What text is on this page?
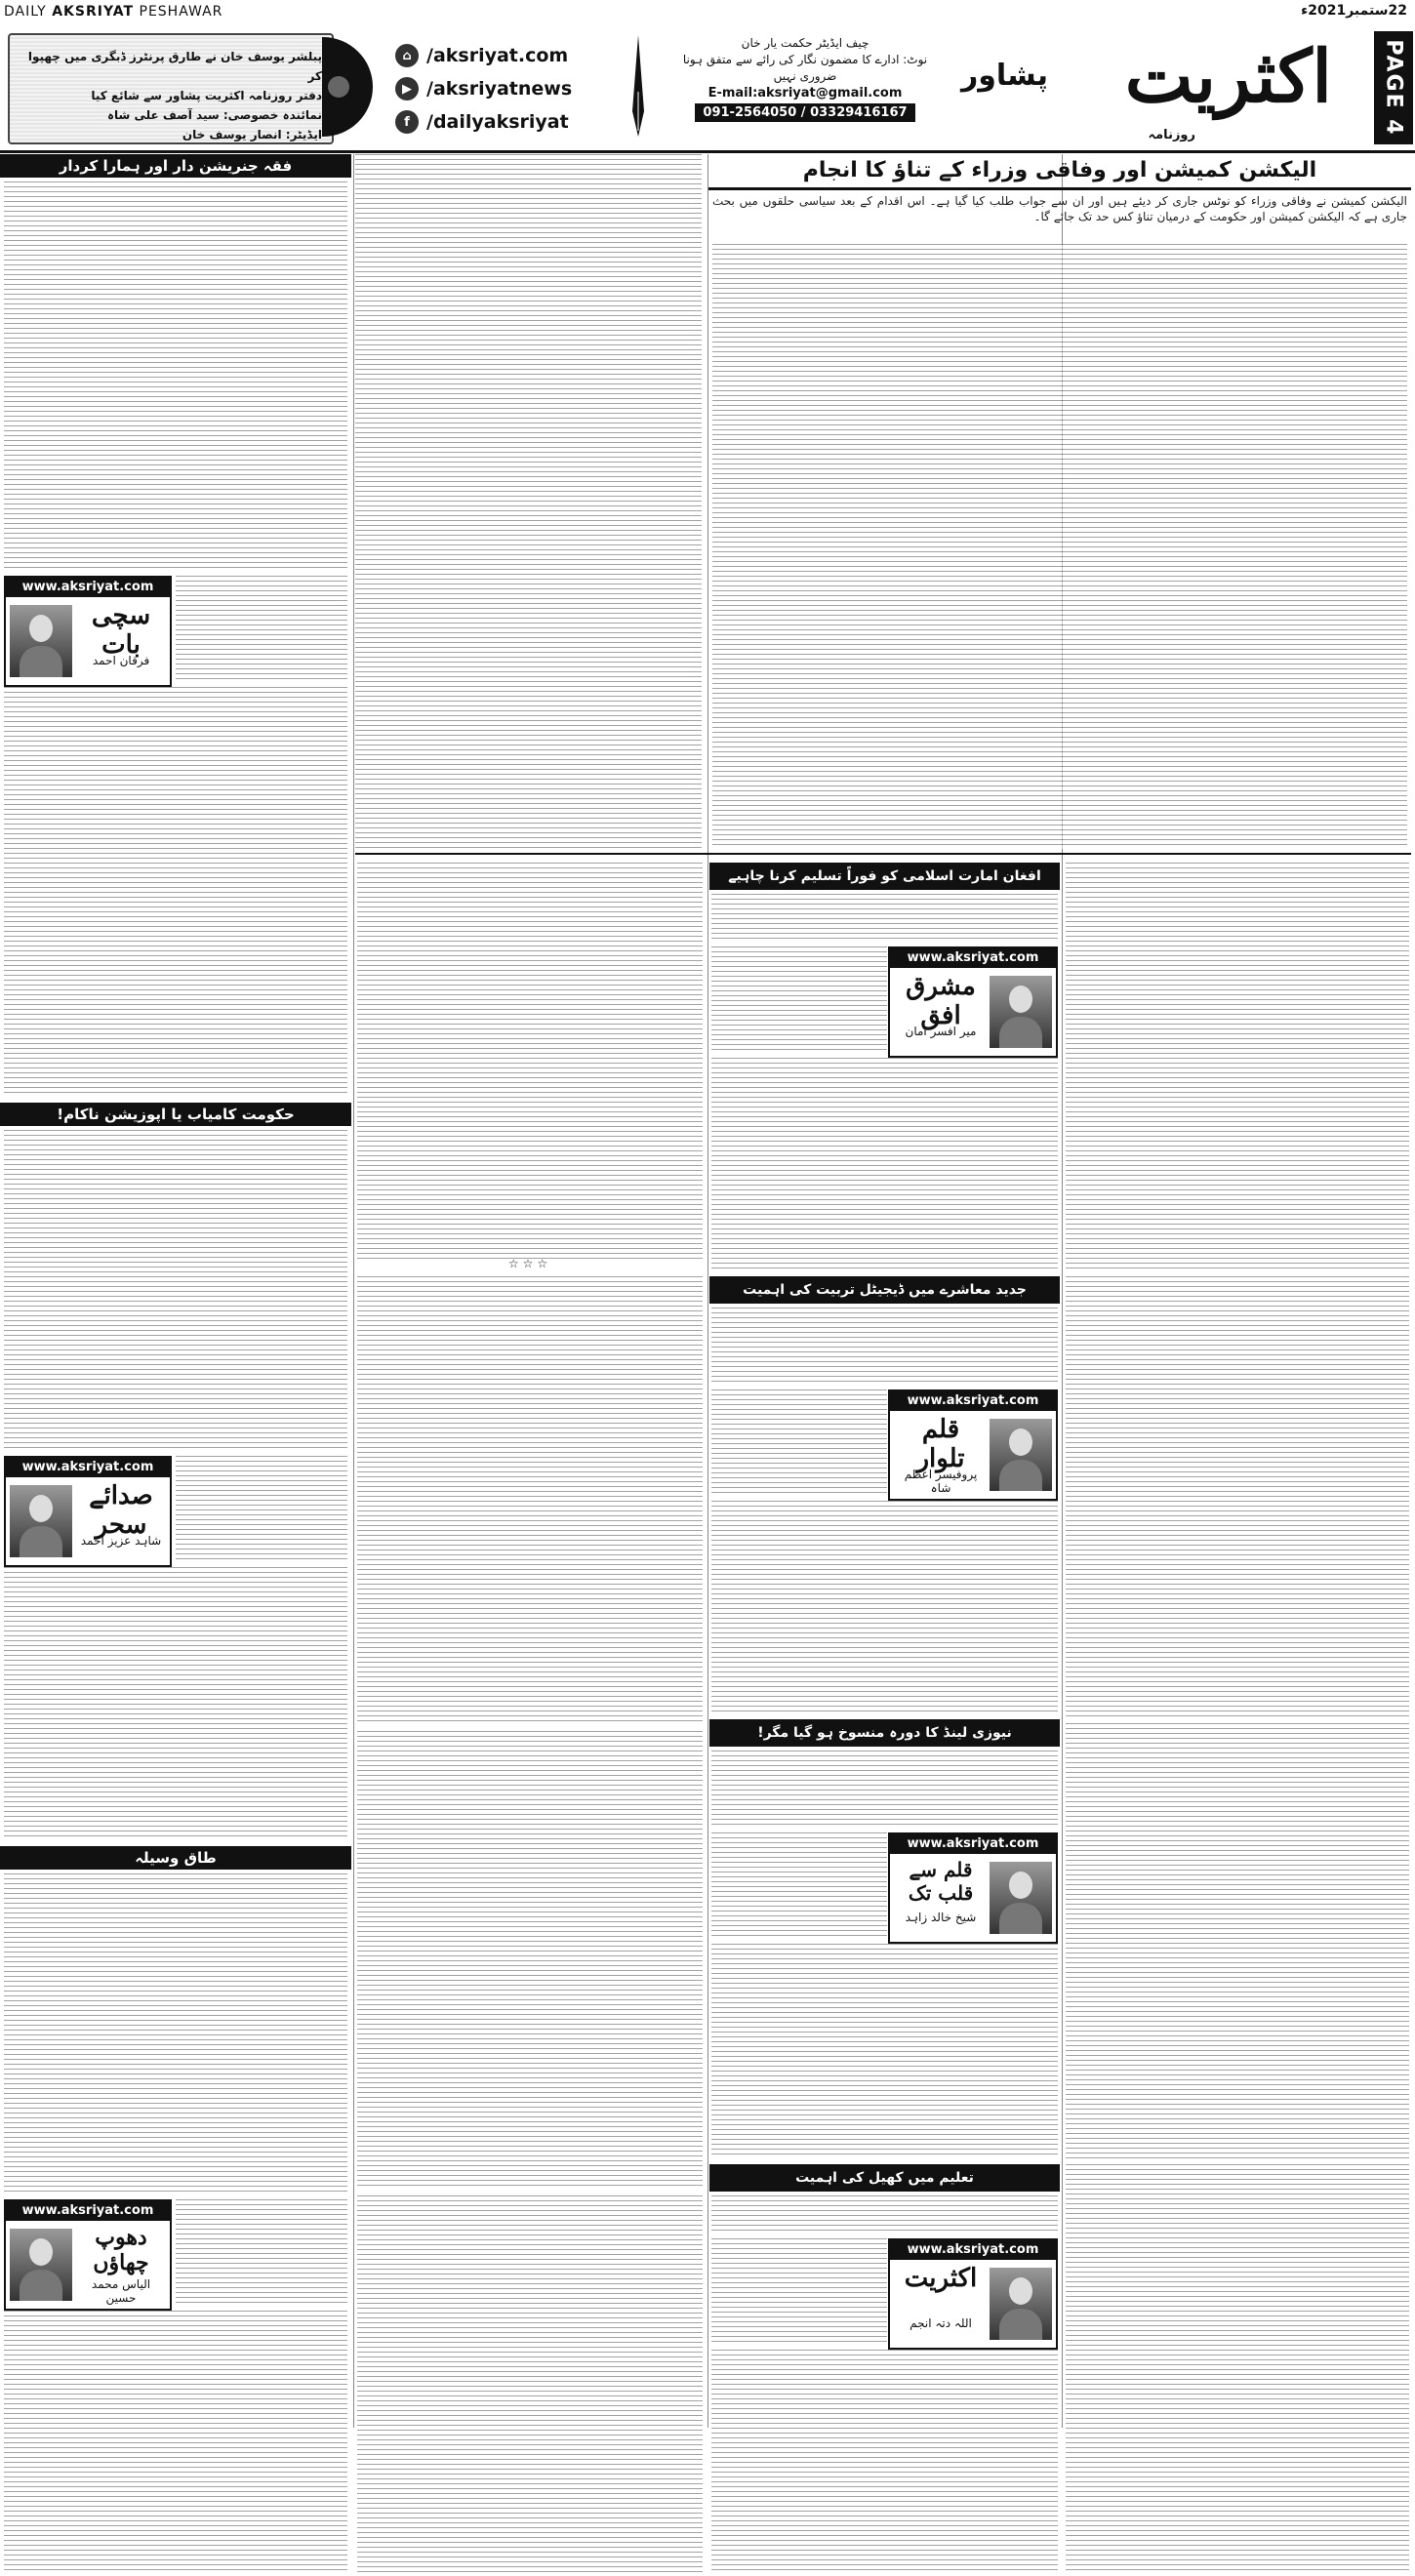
DAILY AKSRIYAT PESHAWAR	22ستمبر2021ء
پبلشر یوسف خان نے طارق پرنٹرز ڈبگری میں چھپوا کر
دفتر روزنامہ اکثریت پشاور سے شائع کیا
نمائندہ خصوصی: سید آصف علی شاہ
ایڈیٹر: انصار یوسف خان
⌂ /aksriyat.com
▶ /aksriyatnews
f /dailyaksriyat
چیف ایڈیٹر حکمت یار خان
نوٹ: ادارے کا مضمون نگار کی رائے سے متفق ہونا ضروری نہیں
E-mail:aksriyat@gmail.com
091-2564050 / 03329416167	اکثریت
پشاور
روزنامہ	PAGE 4
فقہ جنریشن دار اور ہمارا کردار
www.aksriyat.com
سچی بات
فرقان احمد
حکومت کامیاب یا اپوزیشن ناکام!
www.aksriyat.com
صدائے سحر
شاہد عزیز احمد
طاق وسیلہ
www.aksriyat.com
دھوپ چھاؤں
الیاس محمد حسین
الیکشن کمیشن اور وفاقی وزراء کے تناؤ کا انجام
الیکشن کمیشن نے وفاقی وزراء کو نوٹس جاری کر دیئے ہیں اور ان سے جواب طلب کیا گیا ہے۔ اس اقدام کے بعد سیاسی حلقوں میں بحث جاری ہے کہ الیکشن کمیشن اور حکومت کے درمیان تناؤ کس حد تک جائے گا۔
☆☆☆
افغان امارت اسلامی کو فوراً تسلیم کرنا چاہیے
www.aksriyat.com
مشرق افق
میر افسر امان
جدید معاشرے میں ڈیجیٹل تربیت کی اہمیت
www.aksriyat.com
قلم تلوار
پروفیسر اعظم شاہ
نیوزی لینڈ کا دورہ منسوخ ہو گیا مگر!
www.aksriyat.com
قلم سے قلب تک
شیخ خالد زاہد
تعلیم میں کھیل کی اہمیت
www.aksriyat.com
اکثریت
اللہ دتہ انجم
